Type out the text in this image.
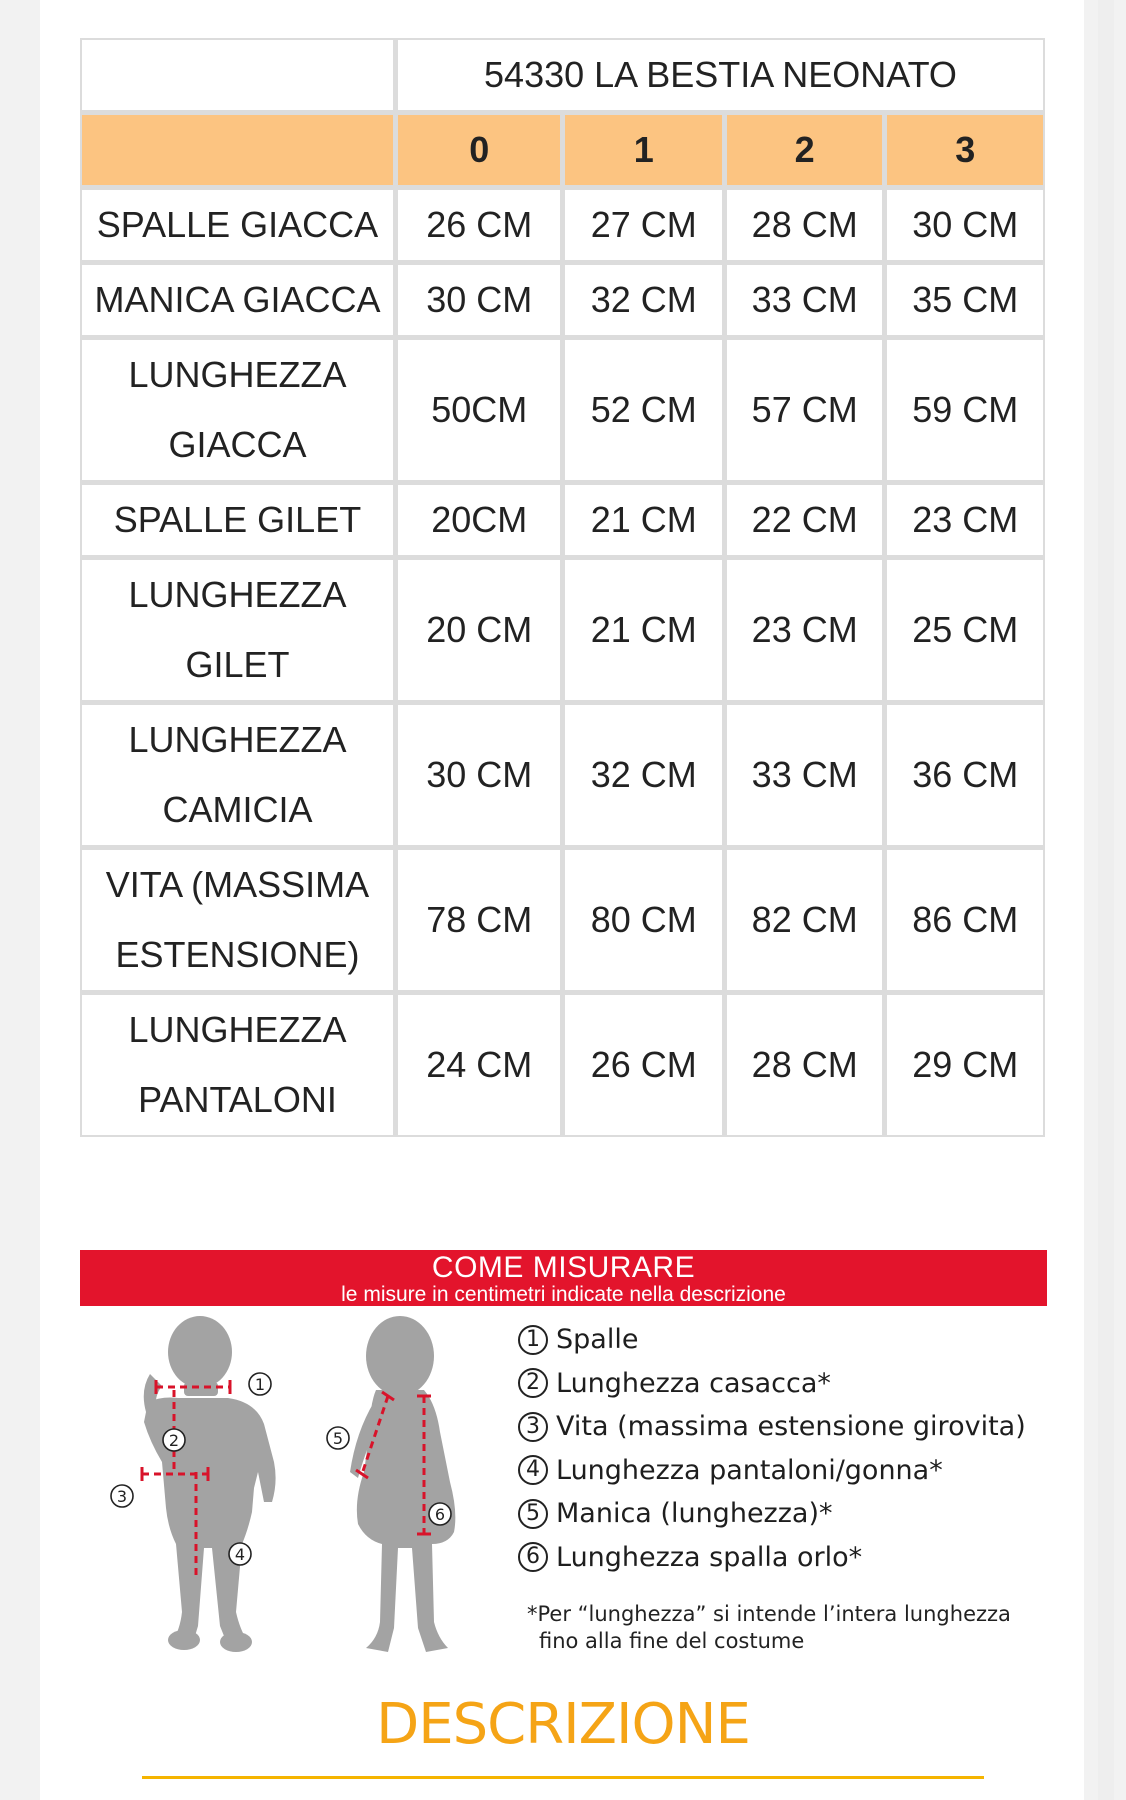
	54330 LA BESTIA NEONATO			
	0	1	2	3

SPALLE GIACCA	26 CM	27 CM	28 CM	30 CM

MANICA GIACCA	30 CM	32 CM	33 CM	35 CM

LUNGHEZZA
GIACCA	50CM	52 CM	57 CM	59 CM

SPALLE GILET	20CM	21 CM	22 CM	23 CM

LUNGHEZZA
GILET	20 CM	21 CM	23 CM	25 CM

LUNGHEZZA
CAMICIA	30 CM	32 CM	33 CM	36 CM

VITA (MASSIMA
ESTENSIONE)	78 CM	80 CM	82 CM	86 CM

LUNGHEZZA
PANTALONI	24 CM	26 CM	28 CM	29 CM
COME MISURARE
le misure in centimetri indicate nella descrizione
1
2
3
4
5
6
1 Spalle
2 Lunghezza casacca*
3 Vita (massima estensione girovita)
4 Lunghezza pantaloni/gonna*
5 Manica (lunghezza)*
6 Lunghezza spalla orlo*
*Per “lunghezza” si intende l’intera lunghezza
fino alla fine del costume
DESCRIZIONE
